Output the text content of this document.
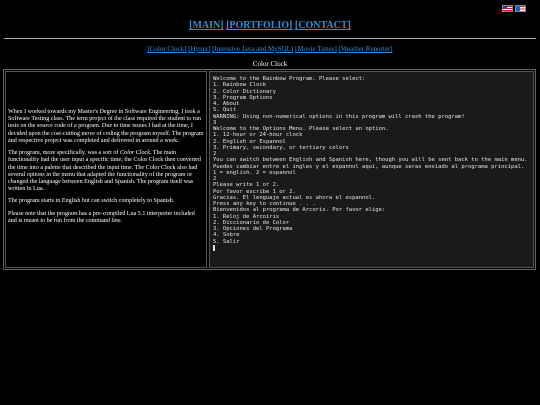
[MAIN] [PORTFOLIO] [CONTACT]
[Color Clock] [Hynix] [Intensive Java and MySQL] [Movie Times] [Weather Reporter]
Color Clock

When I worked towards my Master's Degree in Software Engineering, I took a Software Testing class. The term project of the class required the student to run tests on the source code of a program. Due to time issues I had at the time, I decided upon the cost-cutting move of coding the program myself. The program and respective project was completed and delivered in around a week.

The program, more specifically, was a sort of Color Clock. The main functionality had the user input a specific time; the Color Clock then converted the time into a palette that described the input time. The Color Clock also had several options in the menu that adapted the functionality of the program or changed the language between English and Spanish. The program itself was written in Lua.

The program starts in English but can switch completely to Spanish.

Please note that the program has a pre-compiled Lua 5.1 interpreter included and is meant to be run from the command line.

Welcome to the Rainbow Program. Please select:
1. Rainbow Clock
2. Color Dictionary
3. Program Options
4. About
5. Quit
WARNING: Using non-numerical options in this program will crash the program!
3
Welcome to the Options Menu. Please select an option.
1. 12-hour or 24-hour clock
2. English or Espannol
3. Primary, secondary, or tertiary colors
2
You can switch between English and Spanish here, though you will be sent back to the main menu.
Puedes cambiar entre el ingles y el espannol aqui, aunque seras enviado al programa principal.
1 = english. 2 = espannol
2
Please write 1 or 2.
Por favor escribe 1 or 2.
Gracias. El lenguaje actual es ahora el espannol.
Press any key to continue . . .
Bienvenidos al programa de Arcoris. Por favor elige:
1. Reloj de Arcoiris
2. Diccionario de Color
3. Opciones del Programa
4. Sobre
5. Salir
